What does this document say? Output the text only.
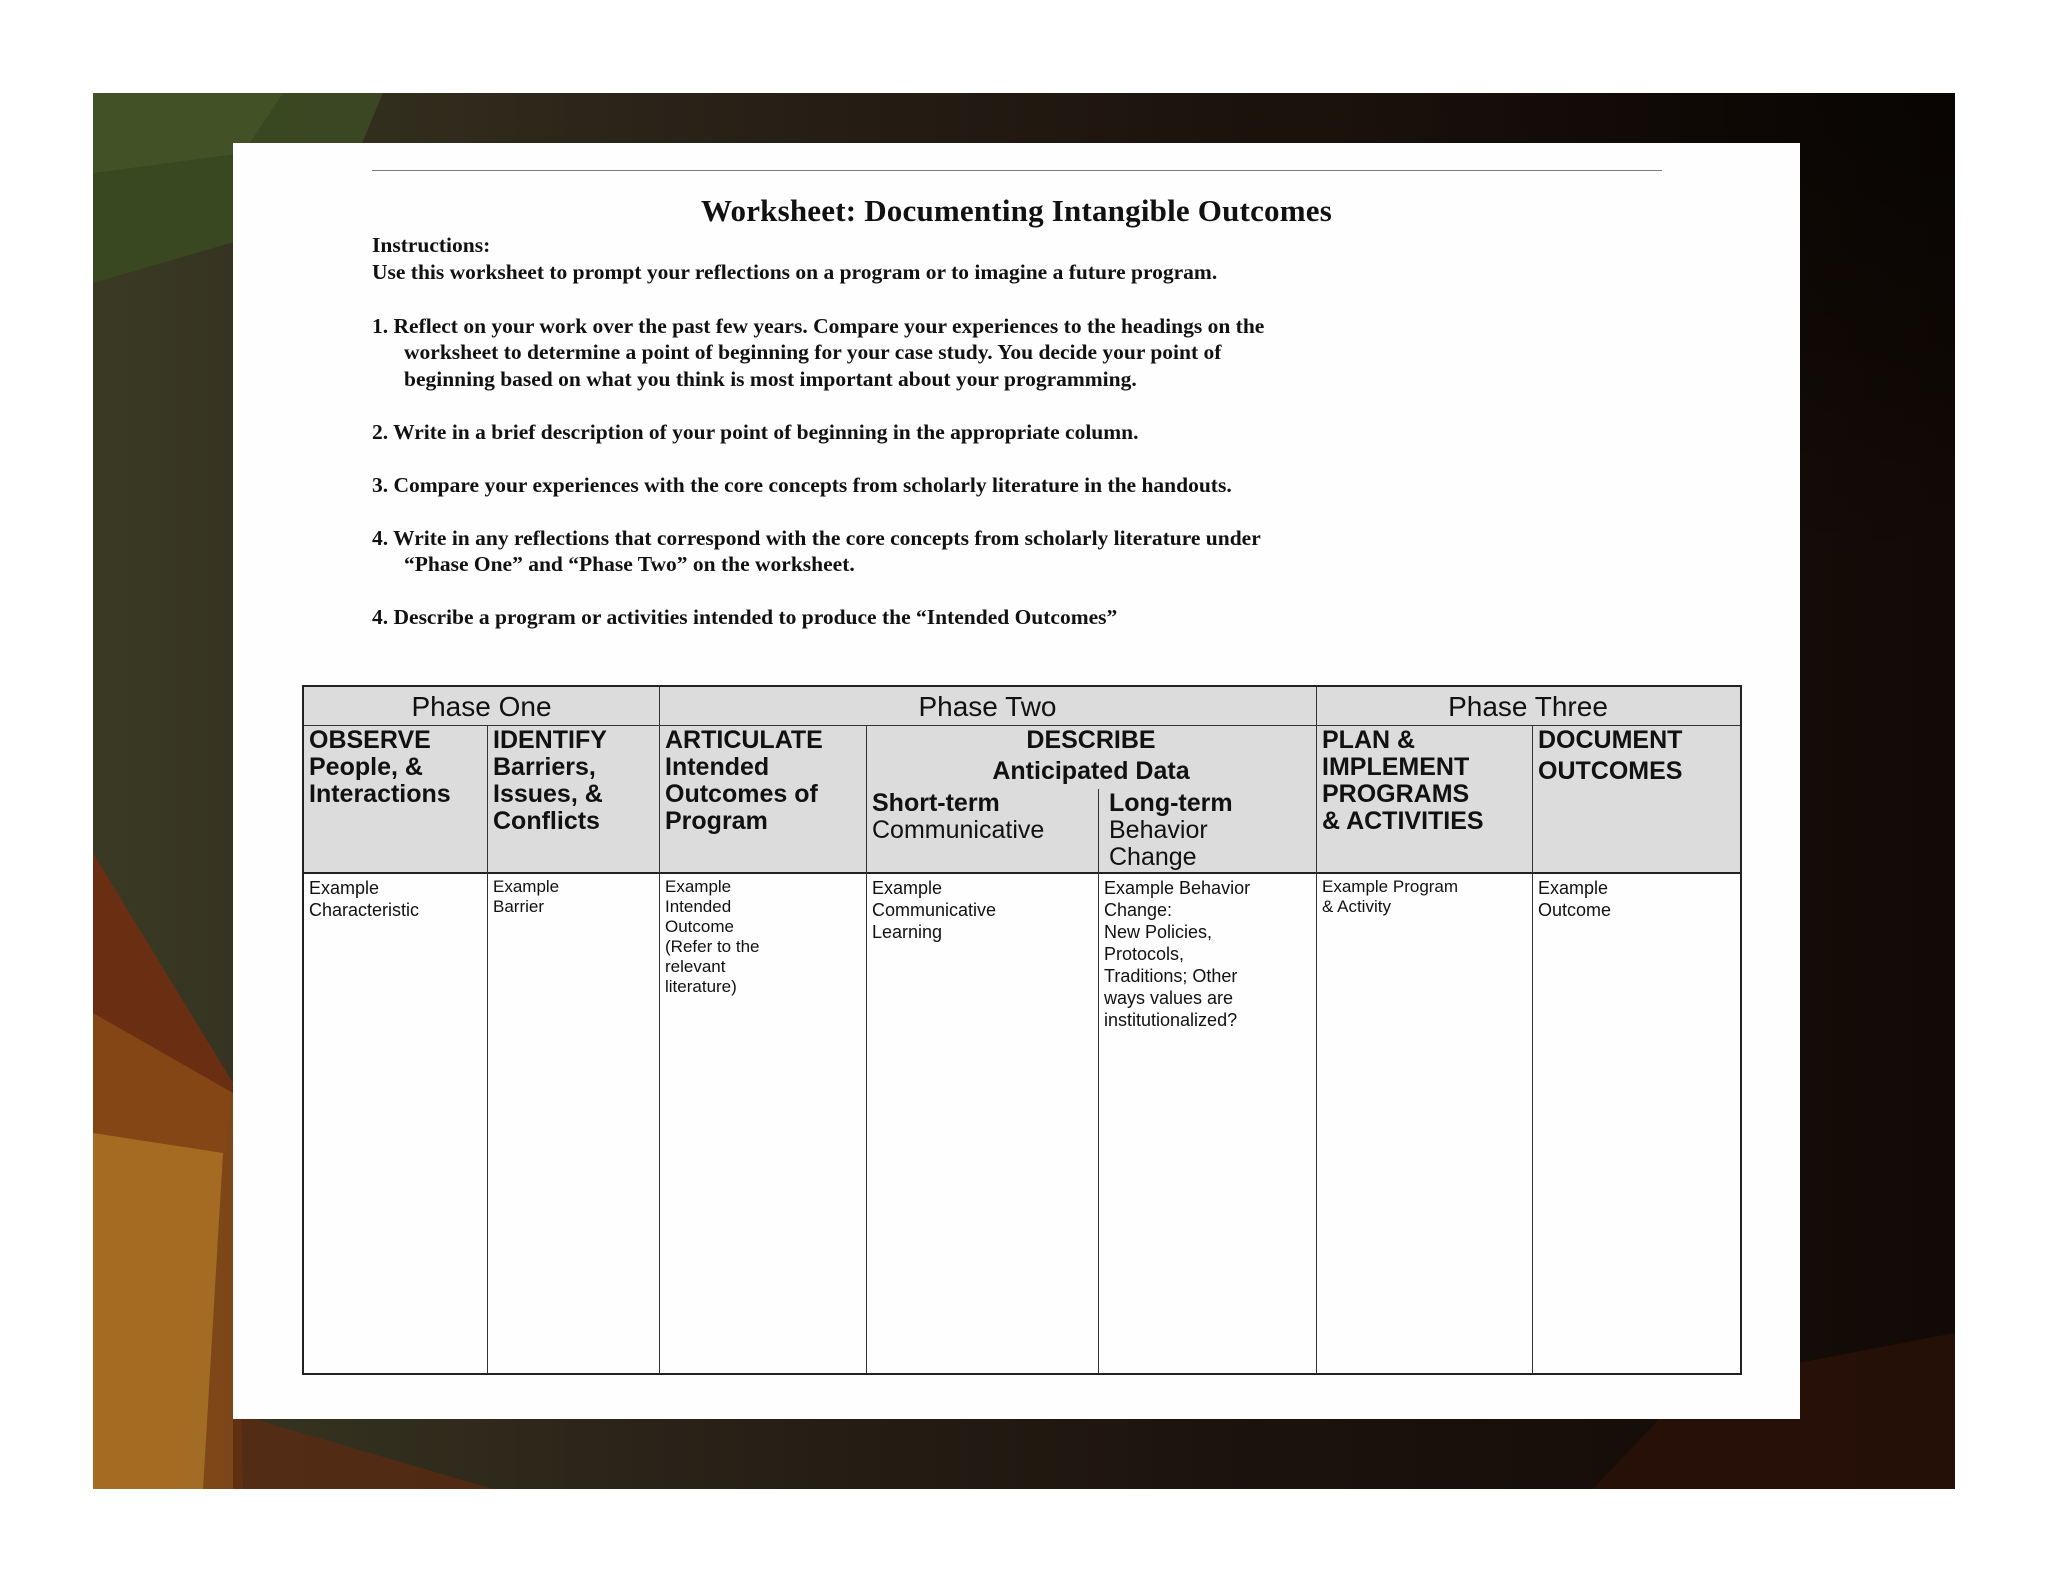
Worksheet: Documenting Intangible Outcomes
Instructions:
Use this worksheet to prompt your reflections on a program or to imagine a future program.
1. Reflect on your work over the past few years. Compare your experiences to the headings on the
worksheet to determine a point of beginning for your case study. You decide your point of
beginning based on what you think is most important about your programming.
2. Write in a brief description of your point of beginning in the appropriate column.
3. Compare your experiences with the core concepts from scholarly literature in the handouts.
4. Write in any reflections that correspond with the core concepts from scholarly literature under
“Phase One” and “Phase Two” on the worksheet.
4. Describe a program or activities intended to produce the “Intended Outcomes”
Phase One	Phase Two	Phase Three
OBSERVE
People, &
Interactions
IDENTIFY
Barriers,
Issues, &
Conflicts
ARTICULATE
Intended
Outcomes of
Program
DESCRIBE
Anticipated Data
Short-term
Communicative
Long-term
Behavior
Change
PLAN &
IMPLEMENT
PROGRAMS
& ACTIVITIES
DOCUMENT
OUTCOMES
Example
Characteristic
Example
Barrier
Example
Intended
Outcome
(Refer to the
relevant
literature)
Example
Communicative
Learning
Example Behavior
Change:
New Policies,
Protocols,
Traditions; Other
ways values are
institutionalized?
Example Program
& Activity
Example
Outcome
